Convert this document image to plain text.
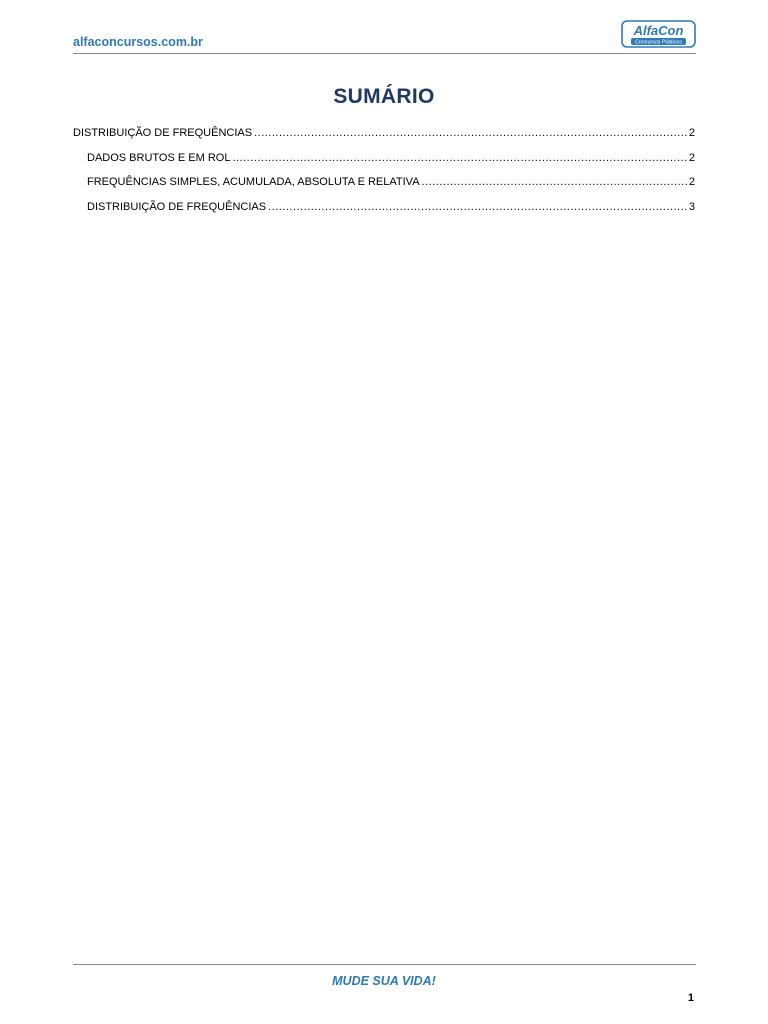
alfaconcursos.com.br
AlfaCon
Concursos Públicos
SUMÁRIO
DISTRIBUIÇÃO DE FREQUÊNCIAS .....	2
DADOS BRUTOS E EM ROL .....	2
FREQUÊNCIAS SIMPLES, ACUMULADA, ABSOLUTA E RELATIVA .....	2
DISTRIBUIÇÃO DE FREQUÊNCIAS .....	3
MUDE SUA VIDA!
1
